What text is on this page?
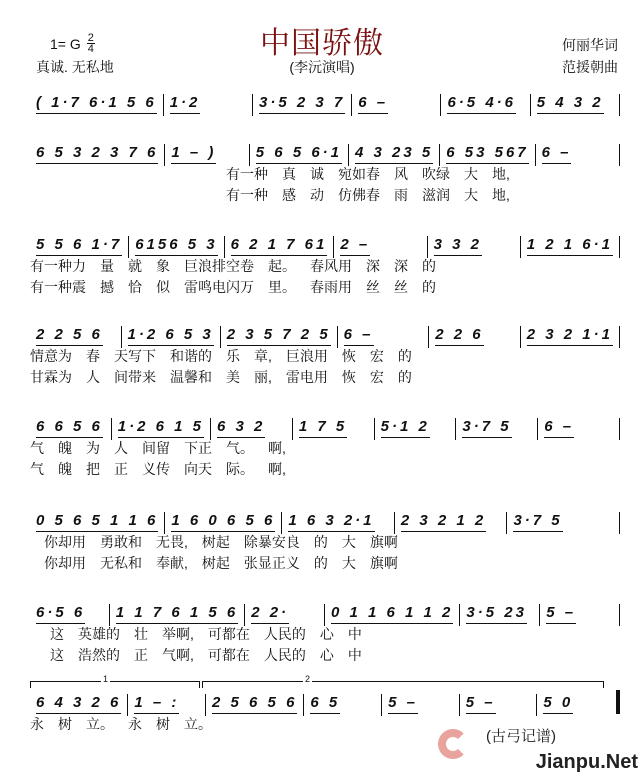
1= G $\frac{2}{4}$
真诚. 无私地
中国骄傲
(李沅演唱)
何丽华词
范援朝曲
( 1·7 6·1 5 6 1·2	3·5 2 3 7 6 –	6·5 4·6 5 4 3 2
6 5 3 2 3 7 6 1 – )	5 6 5 6·1 4 3 23 5 6 53 567 6 –
有一种	真	诚	宛如春	风	吹绿	大	地,
有一种	感	动	仿佛春	雨	滋润	大	地,
5 5 6 1·7 6156 5 3 6 2 1 7 61 2 –	3 3 2	1 2 1 6·1
有一种力	量	就	象	巨浪排空卷	起。	春风用	深	深	的
有一种震	撼	恰	似	雷鸣电闪万	里。	春雨用	丝	丝	的
2 2 5 6 1·2 6 5 3 2 3 5 7 2 5 6 –	2 2 6	2 3 2 1·1
情意为	春	天写下	和谐的	乐	章,	巨浪用	恢	宏	的
甘霖为	人	间带来	温馨和	美	丽,	雷电用	恢	宏	的
6 6 5 6 1·2 6 1 5 6 3 2 1 7 5 5·1 2 3·7 5 6 –
气	魄	为	人	间留	下正	气。	啊,
气	魄	把	正	义传	向天	际。	啊,
0 5 6 5 1 1 6 1 6 0 6 5 6 1 6 3 2·1 2 3 2 1 2 3·7 5
你却用	勇敢和	无畏,	树起	除暴安良	的	大	旗啊
你却用	无私和	奉献,	树起	张显正义	的	大	旗啊
6·5 6 1 1 7 6 1 5 6 2 2·	0 1 1 6 1 1 2 3·5 23 5 –
这	英雄的	壮	举啊,	可都在	人民的	心	中
这	浩然的	正	气啊,	可都在	人民的	心	中
6 4 3 2 6 1 – : 2 5 6 5 6 6 5	5 –	5 –	5 0
永	树	立。	永	树	立。
1	2
(古弓记谱)
Jianpu.Net
